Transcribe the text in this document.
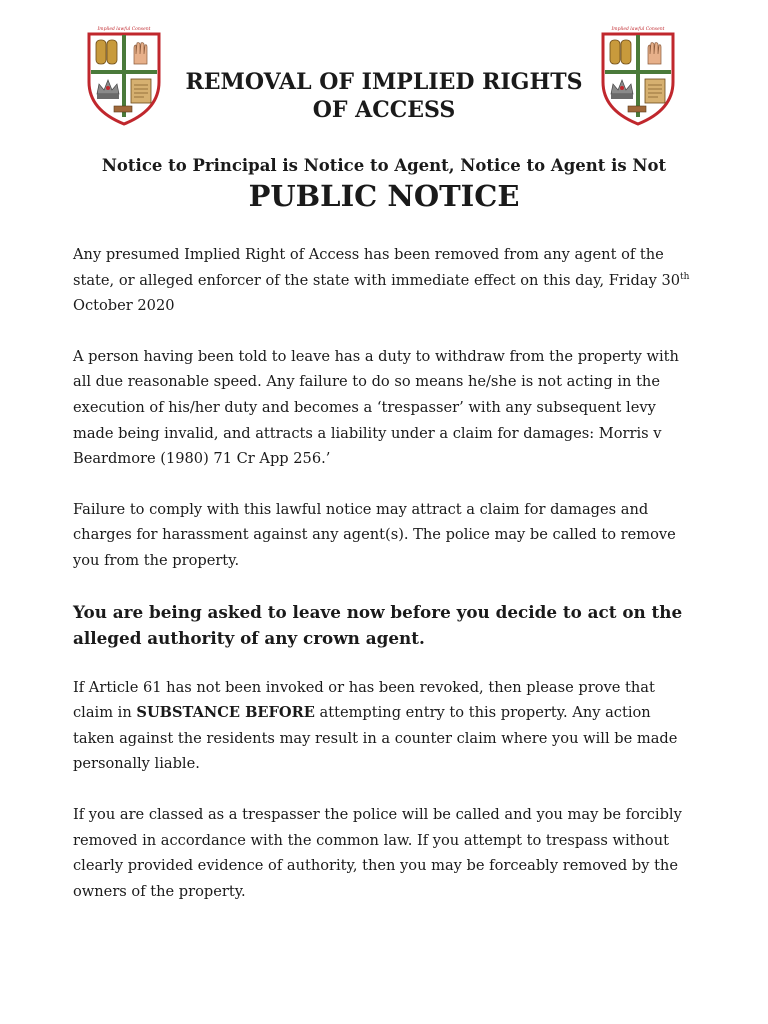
Implied lawful Consent	Implied lawful Consent
REMOVAL OF IMPLIED RIGHTS
OF ACCESS
Notice to Principal is Notice to Agent, Notice to Agent is Not
PUBLIC NOTICE

Any presumed Implied Right of Access has been removed from any agent of the state, or alleged enforcer of the state with immediate effect on this day, Friday 30th October 2020

A person having been told to leave has a duty to withdraw from the property with all due reasonable speed. Any failure to do so means he/she is not acting in the execution of his/her duty and becomes a ‘trespasser’ with any subsequent levy made being invalid, and attracts a liability under a claim for damages: Morris v Beardmore (1980) 71 Cr App 256.’

Failure to comply with this lawful notice may attract a claim for damages and charges for harassment against any agent(s). The police may be called to remove you from the property.

You are being asked to leave now before you decide to act on the alleged authority of any crown agent.

If Article 61 has not been invoked or has been revoked, then please prove that claim in SUBSTANCE BEFORE attempting entry to this property. Any action taken against the residents may result in a counter claim where you will be made personally liable.

If you are classed as a trespasser the police will be called and you may be forcibly removed in accordance with the common law. If you attempt to trespass without clearly provided evidence of authority, then you may be forceably removed by the owners of the property.
